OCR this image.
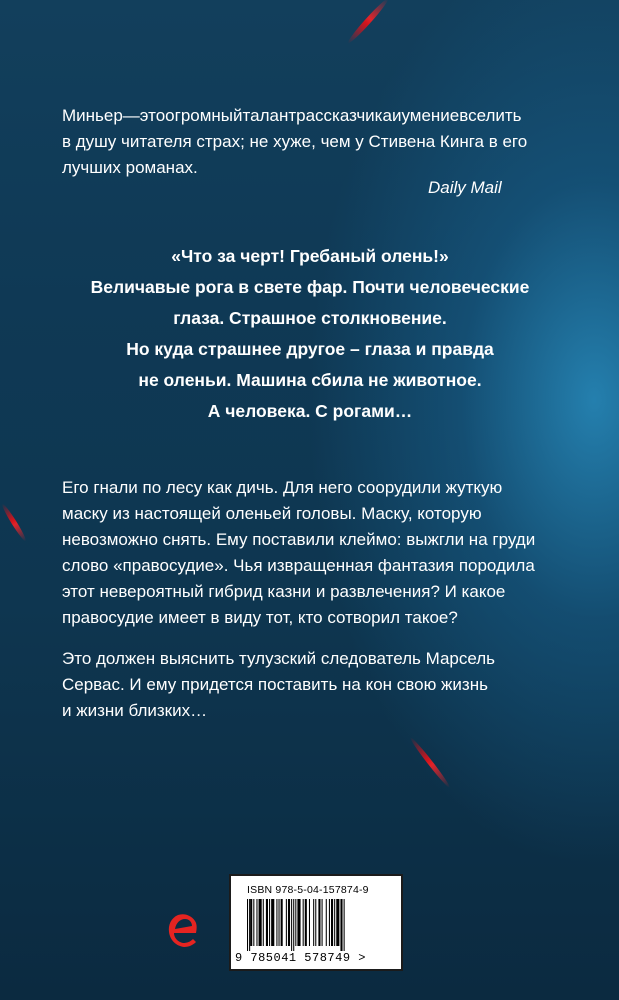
Миньер—этоогромныйталантрассказчикаиумениевселить
в душу читателя страх; не хуже, чем у Стивена Кинга в его
лучших романах.
Daily Mail
«Что за черт! Гребаный олень!»
Величавые рога в свете фар. Почти человеческие
глаза. Страшное столкновение.
Но куда страшнее другое – глаза и правда
не оленьи. Машина сбила не животное.
А человека. С рогами…
Его гнали по лесу как дичь. Для него соорудили жуткую
маску из настоящей оленьей головы. Маску, которую
невозможно снять. Ему поставили клеймо: выжгли на груди
слово «правосудие». Чья извращенная фантазия породила
этот невероятный гибрид казни и развлечения? И какое
правосудие имеет в виду тот, кто сотворил такое?
Это должен выяснить тулузский следователь Марсель
Сервас. И ему придется поставить на кон свою жизнь
и жизни близких…
ISBN 978-5-04-157874-9
9 785041 578749 >
